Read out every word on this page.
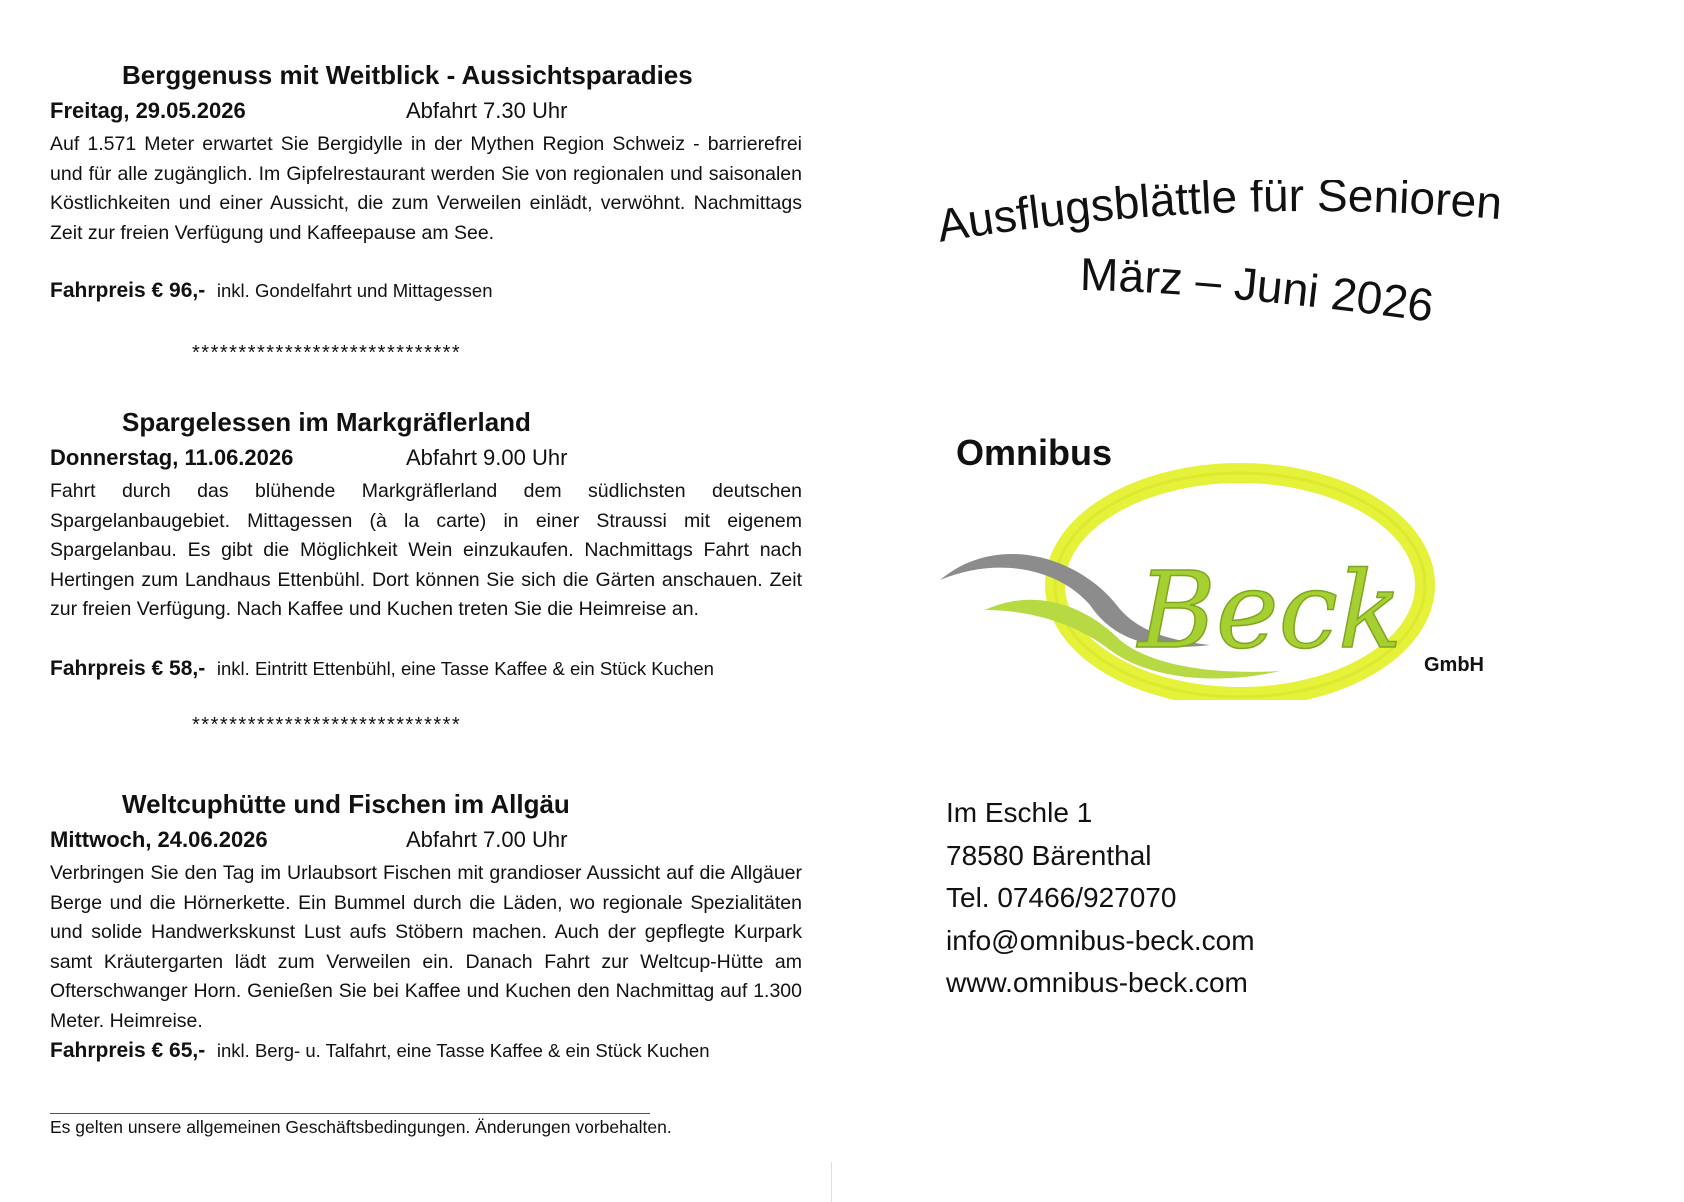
Berggenuss mit Weitblick - Aussichtsparadies
Freitag, 29.05.2026	Abfahrt 7.30 Uhr

Auf 1.571 Meter erwartet Sie Bergidylle in der Mythen Region Schweiz - barrierefrei und für alle zugänglich. Im Gipfelrestaurant werden Sie von regionalen und saisonalen Köstlichkeiten und einer Aussicht, die zum Verweilen einlädt, verwöhnt. Nachmittags Zeit zur freien Verfügung und Kaffeepause am See.

Fahrpreis € 96,- inkl. Gondelfahrt und Mittagessen
*****************************
Spargelessen im Markgräflerland
Donnerstag, 11.06.2026	Abfahrt 9.00 Uhr

Fahrt durch das blühende Markgräflerland dem südlichsten deutschen Spargelanbaugebiet. Mittagessen (à la carte) in einer Straussi mit eigenem Spargelanbau. Es gibt die Möglichkeit Wein einzukaufen. Nachmittags Fahrt nach Hertingen zum Landhaus Ettenbühl. Dort können Sie sich die Gärten anschauen. Zeit zur freien Verfügung. Nach Kaffee und Kuchen treten Sie die Heimreise an.

Fahrpreis € 58,- inkl. Eintritt Ettenbühl, eine Tasse Kaffee & ein Stück Kuchen
*****************************
Weltcuphütte und Fischen im Allgäu
Mittwoch, 24.06.2026	Abfahrt 7.00 Uhr

Verbringen Sie den Tag im Urlaubsort Fischen mit grandioser Aussicht auf die Allgäuer Berge und die Hörnerkette. Ein Bummel durch die Läden, wo regionale Spezialitäten und solide Handwerkskunst Lust aufs Stöbern machen. Auch der gepflegte Kurpark samt Kräutergarten lädt zum Verweilen ein. Danach Fahrt zur Weltcup-Hütte am Ofterschwanger Horn. Genießen Sie bei Kaffee und Kuchen den Nachmittag auf 1.300 Meter. Heimreise.

Fahrpreis € 65,- inkl. Berg- u. Talfahrt, eine Tasse Kaffee & ein Stück Kuchen
Es gelten unsere allgemeinen Geschäftsbedingungen. Änderungen vorbehalten.
Ausflugsblättle für Senioren
März – Juni 2026
Beck
Omnibus
GmbH
Im Eschle 1
78580 Bärenthal
Tel. 07466/927070
info@omnibus-beck.com
www.omnibus-beck.com
